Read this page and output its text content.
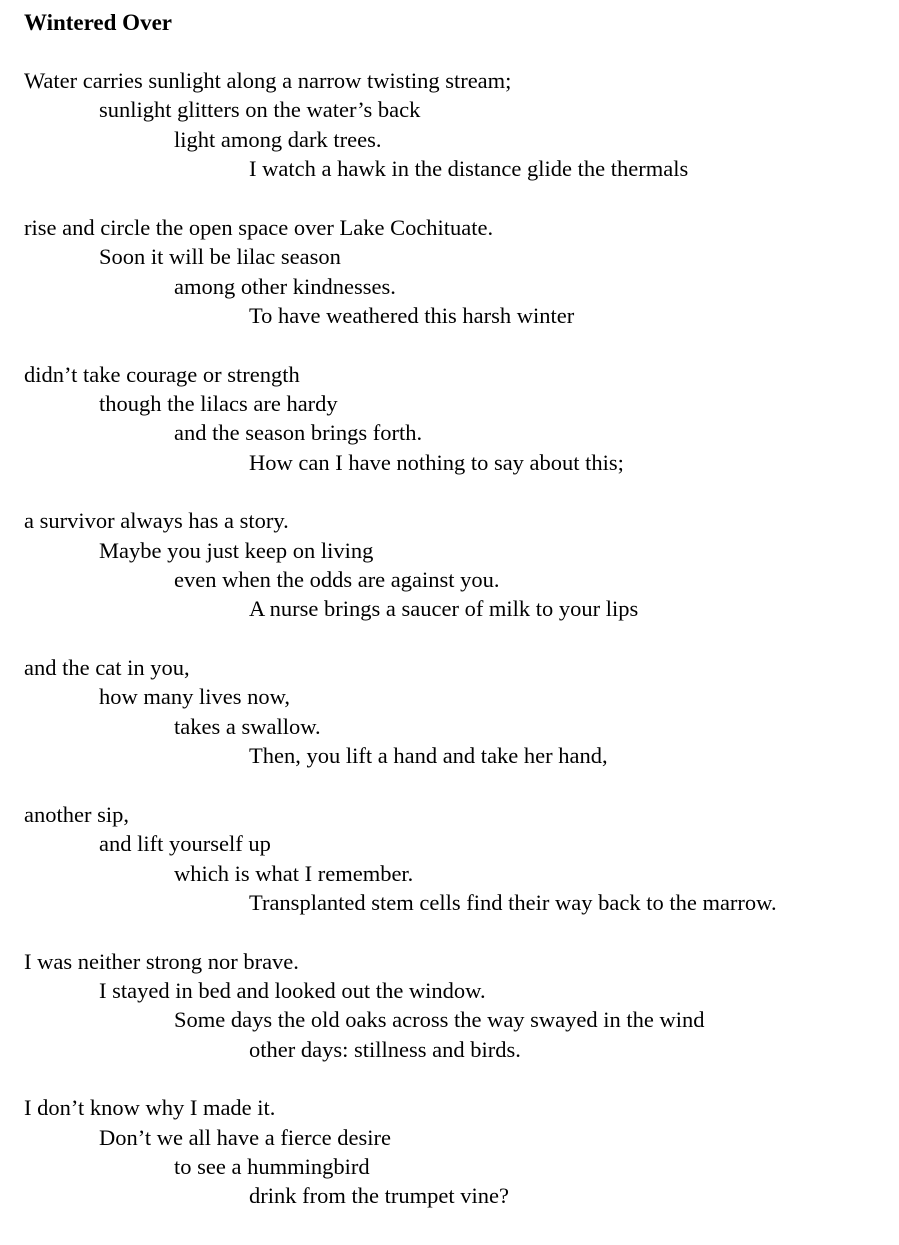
Wintered Over
Water carries sunlight along a narrow twisting stream;
sunlight glitters on the water’s back
light among dark trees.
I watch a hawk in the distance glide the thermals
rise and circle the open space over Lake Cochituate.
Soon it will be lilac season
among other kindnesses.
To have weathered this harsh winter
didn’t take courage or strength
though the lilacs are hardy
and the season brings forth.
How can I have nothing to say about this;
a survivor always has a story.
Maybe you just keep on living
even when the odds are against you.
A nurse brings a saucer of milk to your lips
and the cat in you,
how many lives now,
takes a swallow.
Then, you lift a hand and take her hand,
another sip,
and lift yourself up
which is what I remember.
Transplanted stem cells find their way back to the marrow.
I was neither strong nor brave.
I stayed in bed and looked out the window.
Some days the old oaks across the way swayed in the wind
other days: stillness and birds.
I don’t know why I made it.
Don’t we all have a fierce desire
to see a hummingbird
drink from the trumpet vine?
